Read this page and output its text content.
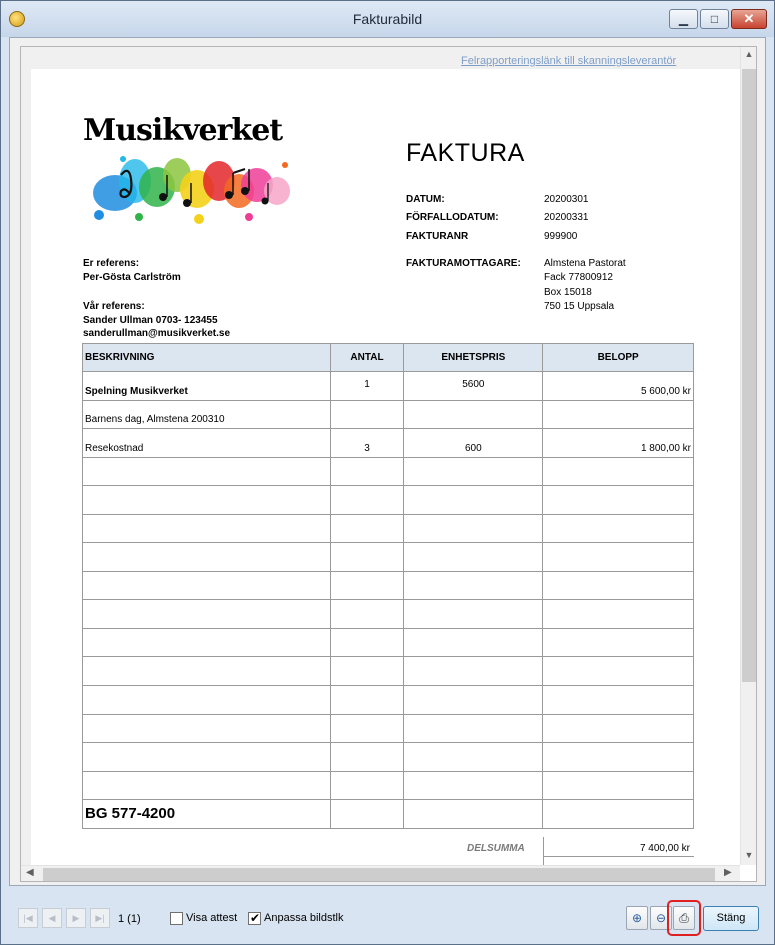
Fakturabild	▁	□	✕
Felrapporteringslänk till skanningsleverantör
Musikverket
FAKTURA
DATUM:	20200301
FÖRFALLODATUM:	20200331
FAKTURANR	999900
FAKTURAMOTTAGARE: Almstena Pastorat
Fack 77800912
Box 15018
750 15 Uppsala
Er referens:
Per-Gösta Carlström
Vår referens:
Sander Ullman 0703- 123455
sanderullman@musikverket.se
BESKRIVNING	ANTAL	ENHETSPRIS	BELOPP
Spelning Musikverket	1	5600	5 600,00 kr
Barnens dag, Almstena 200310			
Resekostnad	3	600	1 800,00 kr

BG 577-4200			
DELSUMMA	7 400,00 kr
▲
▼
◀	▶
|◀	◀	▶	▶|	1 (1)	Visa attest ✔ Anpassa bildstlk	⊕	⊖	⎙	Stäng
